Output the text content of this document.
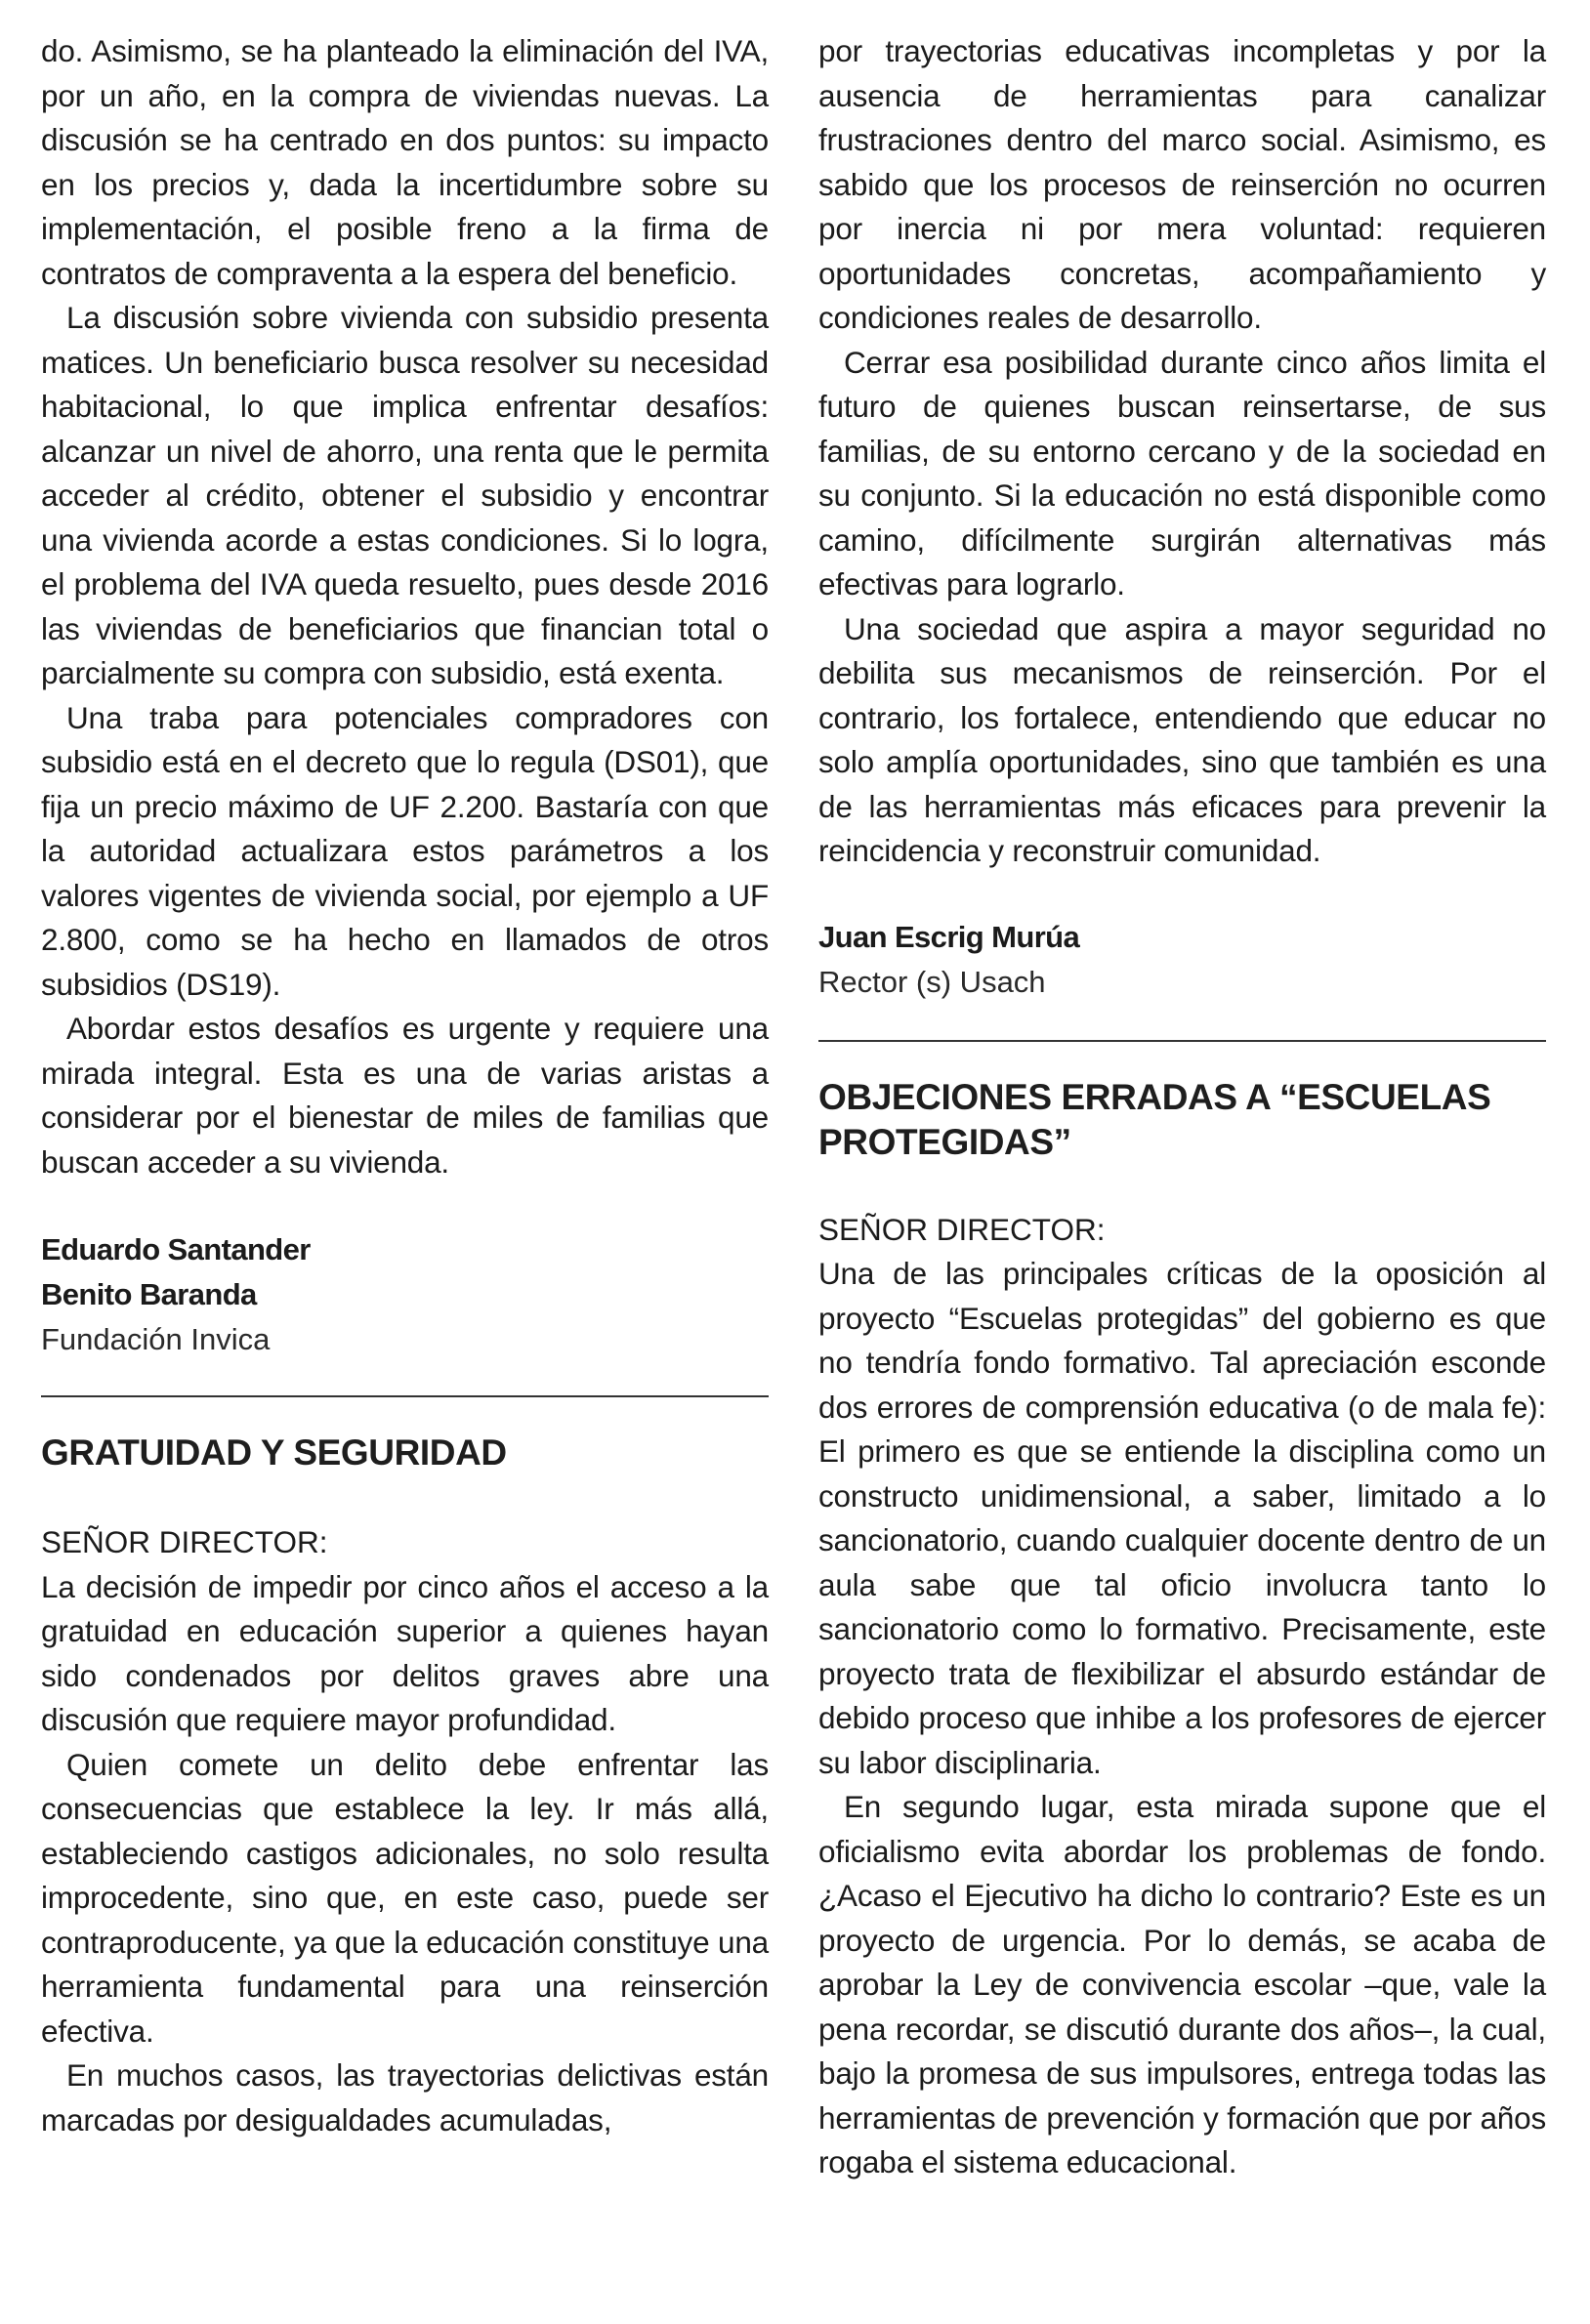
do. Asimismo, se ha planteado la eliminación del IVA, por un año, en la compra de viviendas nuevas. La discusión se ha centrado en dos puntos: su impacto en los precios y, dada la incertidumbre sobre su implementación, el posible freno a la firma de contratos de compraventa a la espera del beneficio.

La discusión sobre vivienda con subsidio presenta matices. Un beneficiario busca resolver su necesidad habitacional, lo que implica enfrentar desafíos: alcanzar un nivel de ahorro, una renta que le permita acceder al crédito, obtener el subsidio y encontrar una vivienda acorde a estas condiciones. Si lo logra, el problema del IVA queda resuelto, pues desde 2016 las viviendas de beneficiarios que financian total o parcialmente su compra con subsidio, está exenta.

Una traba para potenciales compradores con subsidio está en el decreto que lo regula (DS01), que fija un precio máximo de UF 2.200. Bastaría con que la autoridad actualizara estos parámetros a los valores vigentes de vivienda social, por ejemplo a UF 2.800, como se ha hecho en llamados de otros subsidios (DS19).

Abordar estos desafíos es urgente y requiere una mirada integral. Esta es una de varias aristas a considerar por el bienestar de miles de familias que buscan acceder a su vivienda.

Eduardo Santander

Benito Baranda

Fundación Invica

GRATUIDAD Y SEGURIDAD

SEÑOR DIRECTOR:

La decisión de impedir por cinco años el acceso a la gratuidad en educación superior a quienes hayan sido condenados por delitos graves abre una discusión que requiere mayor profundidad.

Quien comete un delito debe enfrentar las consecuencias que establece la ley. Ir más allá, estableciendo castigos adicionales, no solo resulta improcedente, sino que, en este caso, puede ser contraproducente, ya que la educación constituye una herramienta fundamental para una reinserción efectiva.

En muchos casos, las trayectorias delictivas están marcadas por desigualdades acumuladas,

por trayectorias educativas incompletas y por la ausencia de herramientas para canalizar frustraciones dentro del marco social. Asimismo, es sabido que los procesos de reinserción no ocurren por inercia ni por mera voluntad: requieren oportunidades concretas, acompañamiento y condiciones reales de desarrollo.

Cerrar esa posibilidad durante cinco años limita el futuro de quienes buscan reinsertarse, de sus familias, de su entorno cercano y de la sociedad en su conjunto. Si la educación no está disponible como camino, difícilmente surgirán alternativas más efectivas para lograrlo.

Una sociedad que aspira a mayor seguridad no debilita sus mecanismos de reinserción. Por el contrario, los fortalece, entendiendo que educar no solo amplía oportunidades, sino que también es una de las herramientas más eficaces para prevenir la reincidencia y reconstruir comunidad.

Juan Escrig Murúa

Rector (s) Usach

OBJECIONES ERRADAS A “ESCUELAS PROTEGIDAS”

SEÑOR DIRECTOR:

Una de las principales críticas de la oposición al proyecto “Escuelas protegidas” del gobierno es que no tendría fondo formativo. Tal apreciación esconde dos errores de comprensión educativa (o de mala fe): El primero es que se entiende la disciplina como un constructo unidimensional, a saber, limitado a lo sancionatorio, cuando cualquier docente dentro de un aula sabe que tal oficio involucra tanto lo sancionatorio como lo formativo. Precisamente, este proyecto trata de flexibilizar el absurdo estándar de debido proceso que inhibe a los profesores de ejercer su labor disciplinaria.

En segundo lugar, esta mirada supone que el oficialismo evita abordar los problemas de fondo. ¿Acaso el Ejecutivo ha dicho lo contrario? Este es un proyecto de urgencia. Por lo demás, se acaba de aprobar la Ley de convivencia escolar –que, vale la pena recordar, se discutió durante dos años–, la cual, bajo la promesa de sus impulsores, entrega todas las herramientas de prevención y formación que por años rogaba el sistema educacional.
